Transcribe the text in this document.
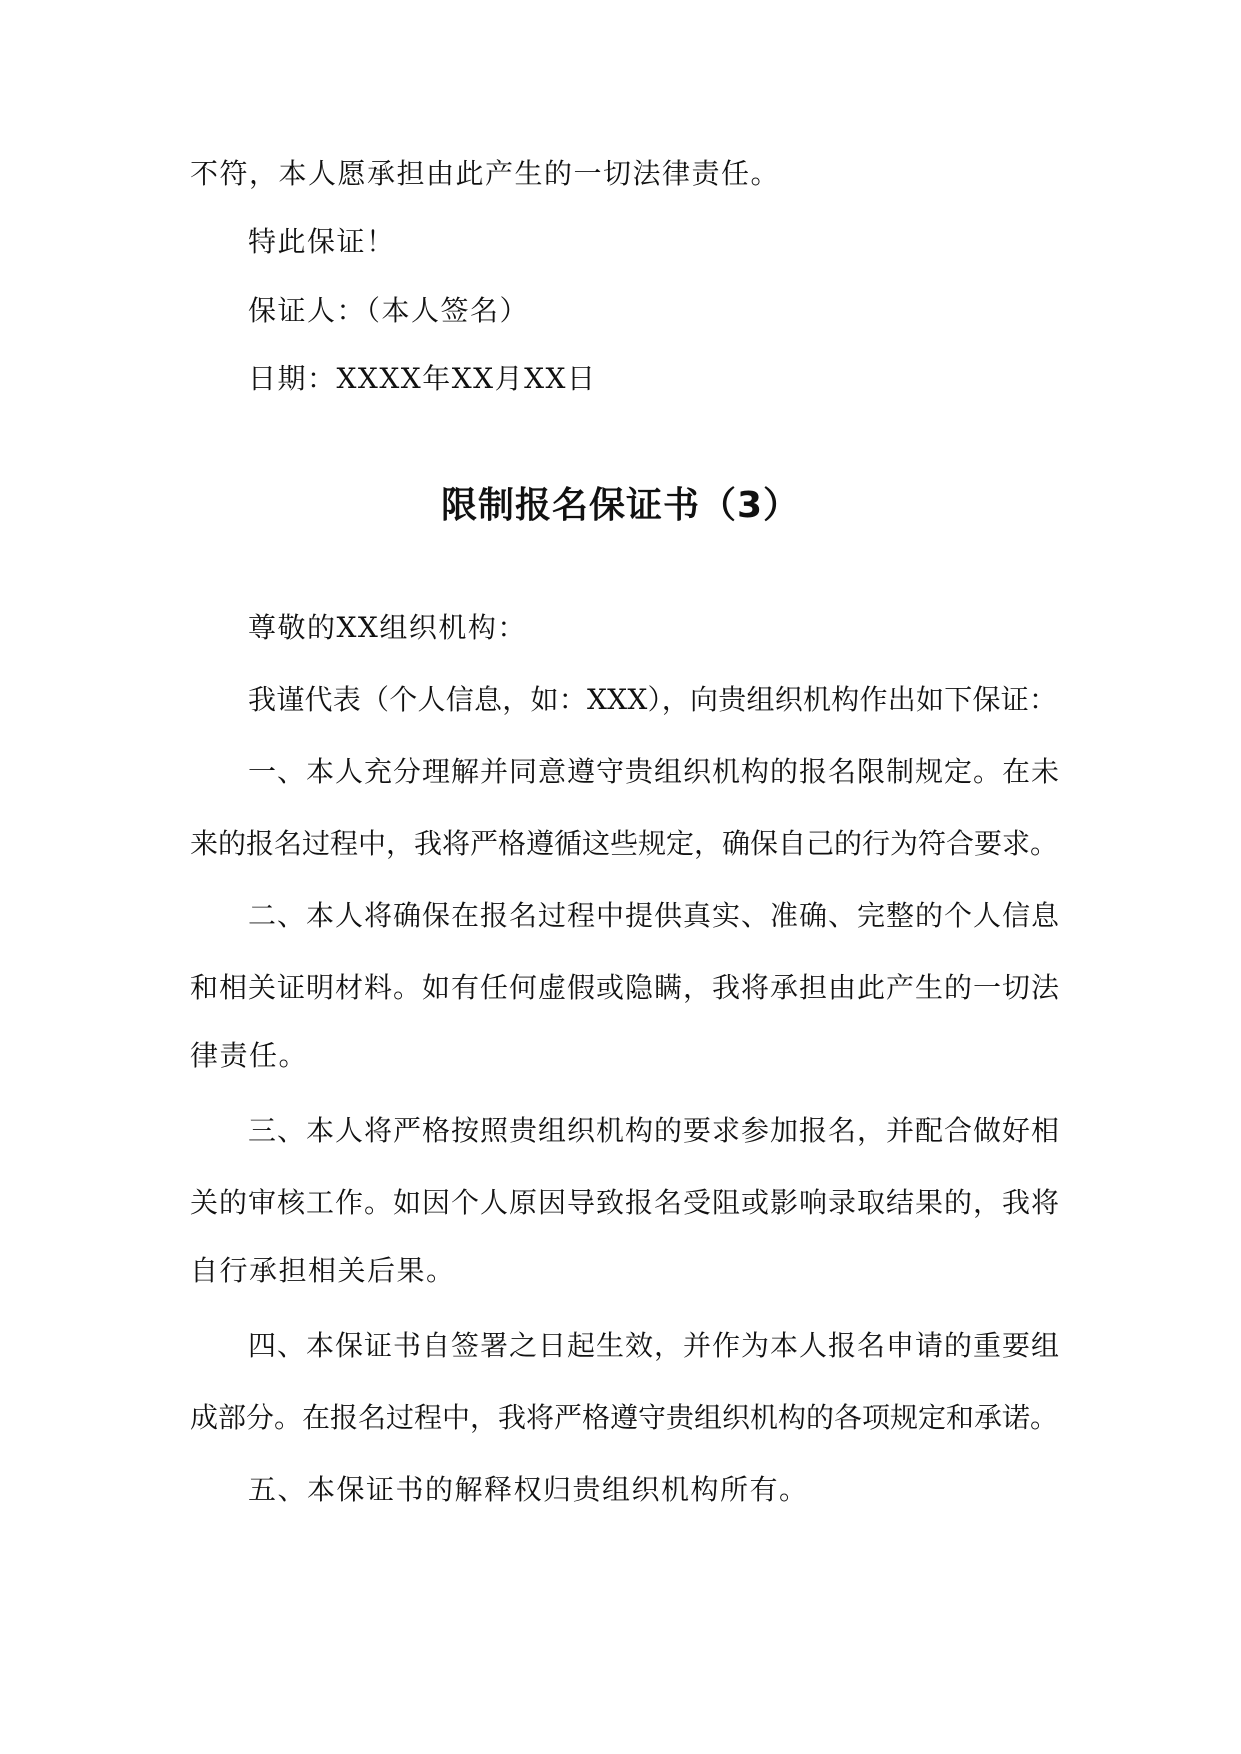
不符，本人愿承担由此产生的一切法律责任。
特此保证！
保证人：（本人签名）
日期：XXXX年XX月XX日
限制报名保证书（3）
尊敬的XX组织机构：
我谨代表（个人信息，如：XXX），向贵组织机构作出如下保证：
一、本人充分理解并同意遵守贵组织机构的报名限制规定。在未
来的报名过程中，我将严格遵循这些规定，确保自己的行为符合要求。
二、本人将确保在报名过程中提供真实、准确、完整的个人信息
和相关证明材料。如有任何虚假或隐瞒，我将承担由此产生的一切法
律责任。
三、本人将严格按照贵组织机构的要求参加报名，并配合做好相
关的审核工作。如因个人原因导致报名受阻或影响录取结果的，我将
自行承担相关后果。
四、本保证书自签署之日起生效，并作为本人报名申请的重要组
成部分。在报名过程中，我将严格遵守贵组织机构的各项规定和承诺。
五、本保证书的解释权归贵组织机构所有。
